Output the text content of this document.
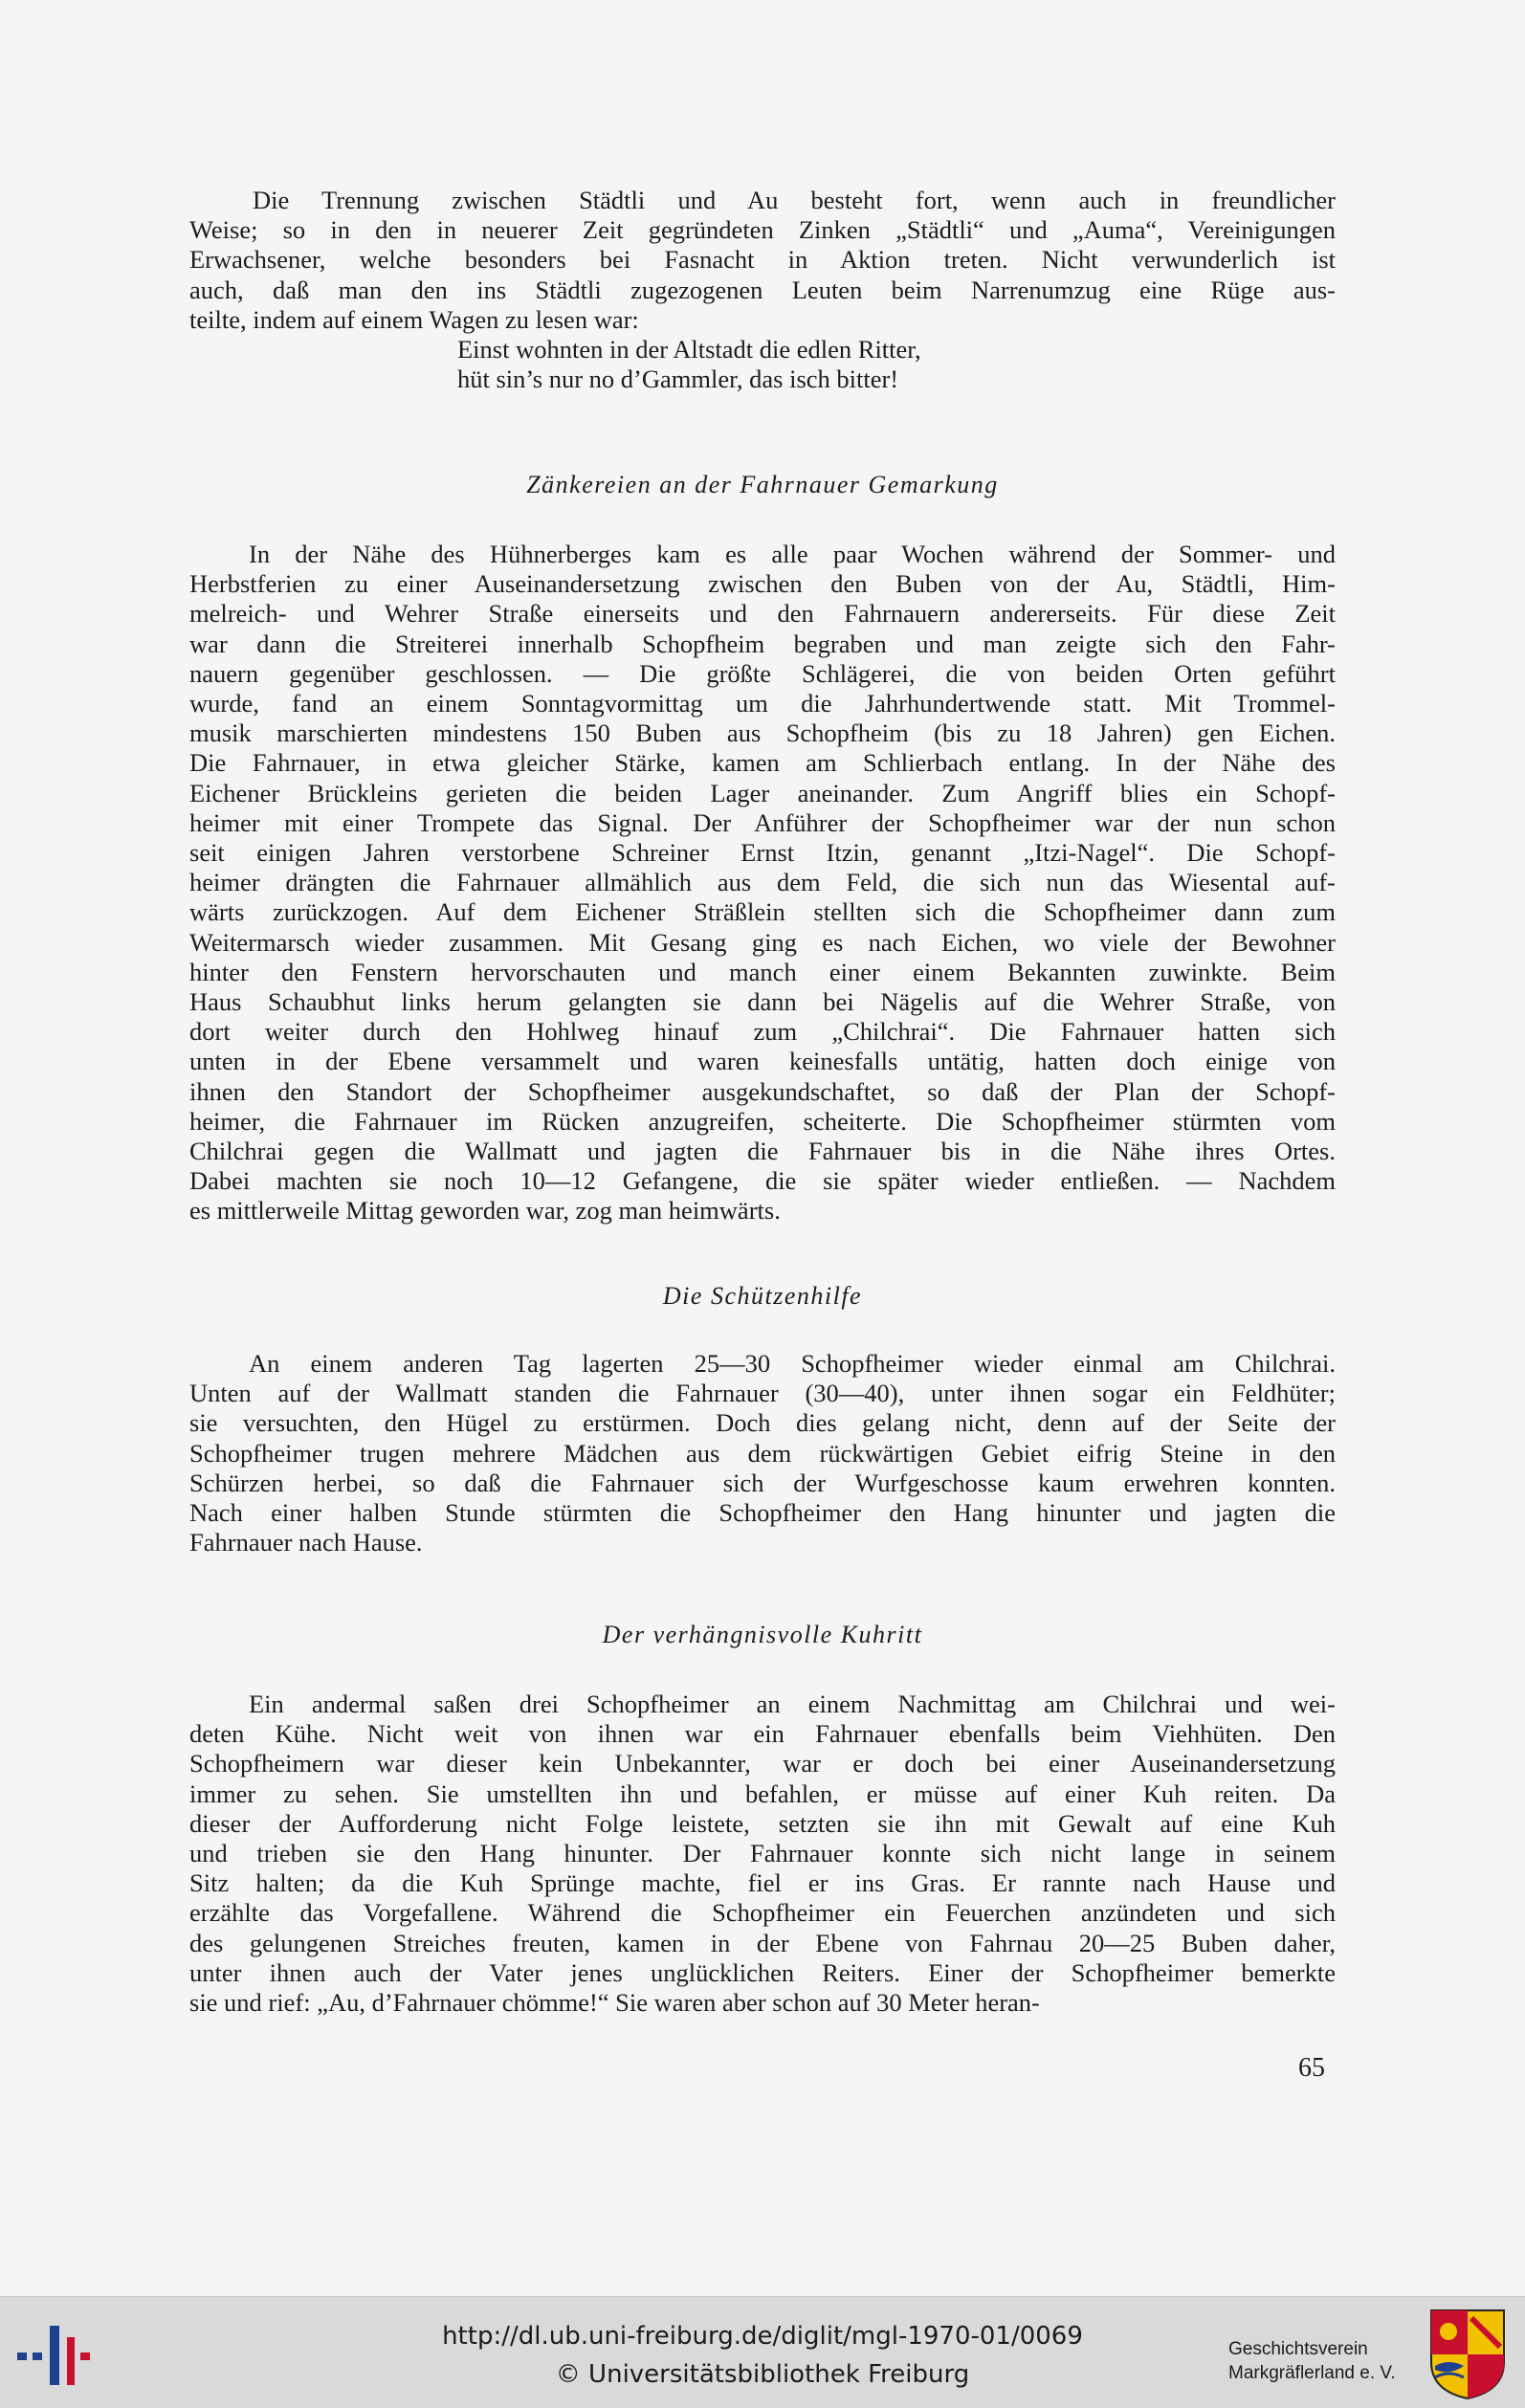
Die Trennung zwischen Städtli und Au besteht fort, wenn auch in freundlicher
Weise; so in den in neuerer Zeit gegründeten Zinken „Städtli“ und „Auma“, Vereinigungen
Erwachsener, welche besonders bei Fasnacht in Aktion treten. Nicht verwunderlich ist
auch, daß man den ins Städtli zugezogenen Leuten beim Narrenumzug eine Rüge aus-
teilte, indem auf einem Wagen zu lesen war:

Einst wohnten in der Altstadt die edlen Ritter,
hüt sin’s nur no d’Gammler, das isch bitter!
Zänkereien an der Fahrnauer Gemarkung

In der Nähe des Hühnerberges kam es alle paar Wochen während der Sommer- und
Herbstferien zu einer Auseinandersetzung zwischen den Buben von der Au, Städtli, Him-
melreich- und Wehrer Straße einerseits und den Fahrnauern andererseits. Für diese Zeit
war dann die Streiterei innerhalb Schopfheim begraben und man zeigte sich den Fahr-
nauern gegenüber geschlossen. — Die größte Schlägerei, die von beiden Orten geführt
wurde, fand an einem Sonntagvormittag um die Jahrhundertwende statt. Mit Trommel-
musik marschierten mindestens 150 Buben aus Schopfheim (bis zu 18 Jahren) gen Eichen.
Die Fahrnauer, in etwa gleicher Stärke, kamen am Schlierbach entlang. In der Nähe des
Eichener Brückleins gerieten die beiden Lager aneinander. Zum Angriff blies ein Schopf-
heimer mit einer Trompete das Signal. Der Anführer der Schopfheimer war der nun schon
seit einigen Jahren verstorbene Schreiner Ernst Itzin, genannt „Itzi-Nagel“. Die Schopf-
heimer drängten die Fahrnauer allmählich aus dem Feld, die sich nun das Wiesental auf-
wärts zurückzogen. Auf dem Eichener Sträßlein stellten sich die Schopfheimer dann zum
Weitermarsch wieder zusammen. Mit Gesang ging es nach Eichen, wo viele der Bewohner
hinter den Fenstern hervorschauten und manch einer einem Bekannten zuwinkte. Beim
Haus Schaubhut links herum gelangten sie dann bei Nägelis auf die Wehrer Straße, von
dort weiter durch den Hohlweg hinauf zum „Chilchrai“. Die Fahrnauer hatten sich
unten in der Ebene versammelt und waren keinesfalls untätig, hatten doch einige von
ihnen den Standort der Schopfheimer ausgekundschaftet, so daß der Plan der Schopf-
heimer, die Fahrnauer im Rücken anzugreifen, scheiterte. Die Schopfheimer stürmten vom
Chilchrai gegen die Wallmatt und jagten die Fahrnauer bis in die Nähe ihres Ortes.
Dabei machten sie noch 10—12 Gefangene, die sie später wieder entließen. — Nachdem
es mittlerweile Mittag geworden war, zog man heimwärts.

Die Schützenhilfe

An einem anderen Tag lagerten 25—30 Schopfheimer wieder einmal am Chilchrai.
Unten auf der Wallmatt standen die Fahrnauer (30—40), unter ihnen sogar ein Feldhüter;
sie versuchten, den Hügel zu erstürmen. Doch dies gelang nicht, denn auf der Seite der
Schopfheimer trugen mehrere Mädchen aus dem rückwärtigen Gebiet eifrig Steine in den
Schürzen herbei, so daß die Fahrnauer sich der Wurfgeschosse kaum erwehren konnten.
Nach einer halben Stunde stürmten die Schopfheimer den Hang hinunter und jagten die
Fahrnauer nach Hause.

Der verhängnisvolle Kuhritt

Ein andermal saßen drei Schopfheimer an einem Nachmittag am Chilchrai und wei-
deten Kühe. Nicht weit von ihnen war ein Fahrnauer ebenfalls beim Viehhüten. Den
Schopfheimern war dieser kein Unbekannter, war er doch bei einer Auseinandersetzung
immer zu sehen. Sie umstellten ihn und befahlen, er müsse auf einer Kuh reiten. Da
dieser der Aufforderung nicht Folge leistete, setzten sie ihn mit Gewalt auf eine Kuh
und trieben sie den Hang hinunter. Der Fahrnauer konnte sich nicht lange in seinem
Sitz halten; da die Kuh Sprünge machte, fiel er ins Gras. Er rannte nach Hause und
erzählte das Vorgefallene. Während die Schopfheimer ein Feuerchen anzündeten und sich
des gelungenen Streiches freuten, kamen in der Ebene von Fahrnau 20—25 Buben daher,
unter ihnen auch der Vater jenes unglücklichen Reiters. Einer der Schopfheimer bemerkte
sie und rief: „Au, d’Fahrnauer chömme!“ Sie waren aber schon auf 30 Meter heran-

65
http://dl.ub.uni-freiburg.de/diglit/mgl-1970-01/0069
© Universitätsbibliothek Freiburg
Geschichtsverein
Markgräflerland e. V.
